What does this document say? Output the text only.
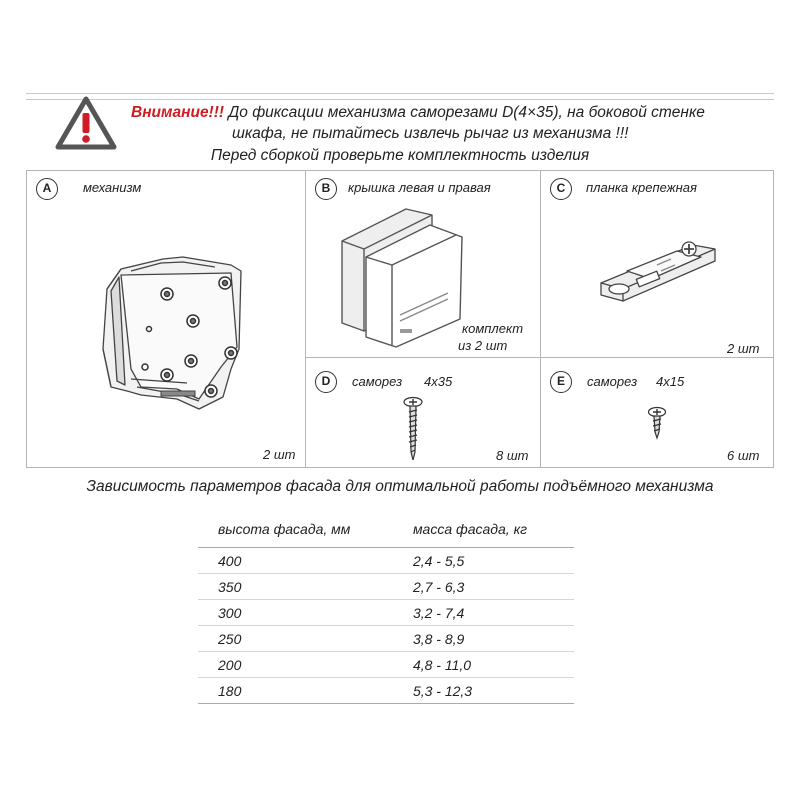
Внимание!!! До фиксации механизма саморезами D(4×35), на боковой стенке
шкафа, не пытайтесь извлечь рычаг из механизма !!!
Перед сборкой проверьте комплектность изделия
A	механизм
2 шт
B	крышка левая и правая
комплект
из 2 шт
C	планка крепежная
2 шт
D	саморез 4x35
8 шт
E	саморез 4x15
6 шт
Зависимость параметров фасада для оптимальной работы подъёмного механизма
высота фасада, мм	масса фасада, кг
400	2,4 - 5,5
350	2,7 - 6,3
300	3,2 - 7,4
250	3,8 - 8,9
200	4,8 - 11,0
180	5,3 - 12,3
